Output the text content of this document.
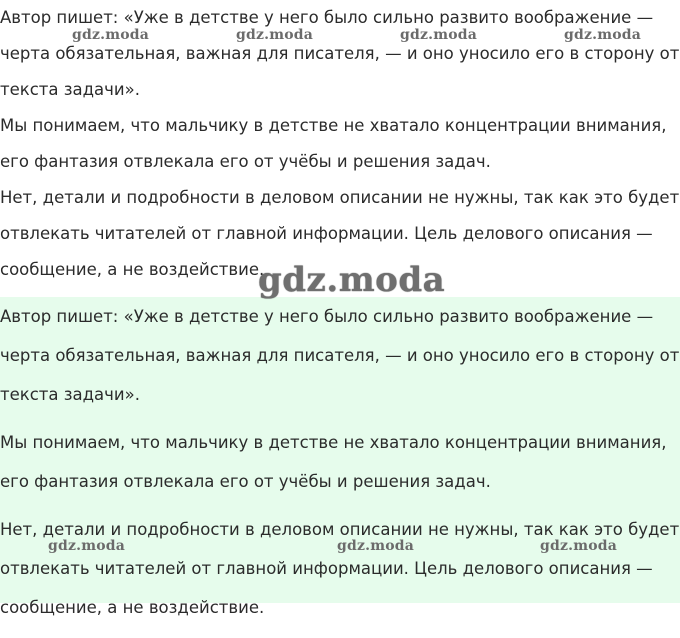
Автор пишет: «Уже в детстве у него было сильно развито воображение — черта обязательная, важная для писателя, — и оно уносило его в сторону от текста задачи».

Мы понимаем, что мальчику в детстве не хватало концентрации внимания, его фантазия отвлекала его от учёбы и решения задач.

Нет, детали и подробности в деловом описании не нужны, так как это будет отвлекать читателей от главной информации. Цель делового описания — сообщение, а не воздействие.

gdz.moda	gdz.moda	gdz.moda	gdz.moda

Автор пишет: «Уже в детстве у него было сильно развито воображение — черта обязательная, важная для писателя, — и оно уносило его в сторону от текста задачи».

Мы понимаем, что мальчику в детстве не хватало концентрации внимания, его фантазия отвлекала его от учёбы и решения задач.

Нет, детали и подробности в деловом описании не нужны, так как это будет отвлекать читателей от главной информации. Цель делового описания — сообщение, а не воздействие.

gdz.moda
gdz.moda	gdz.moda	gdz.moda
